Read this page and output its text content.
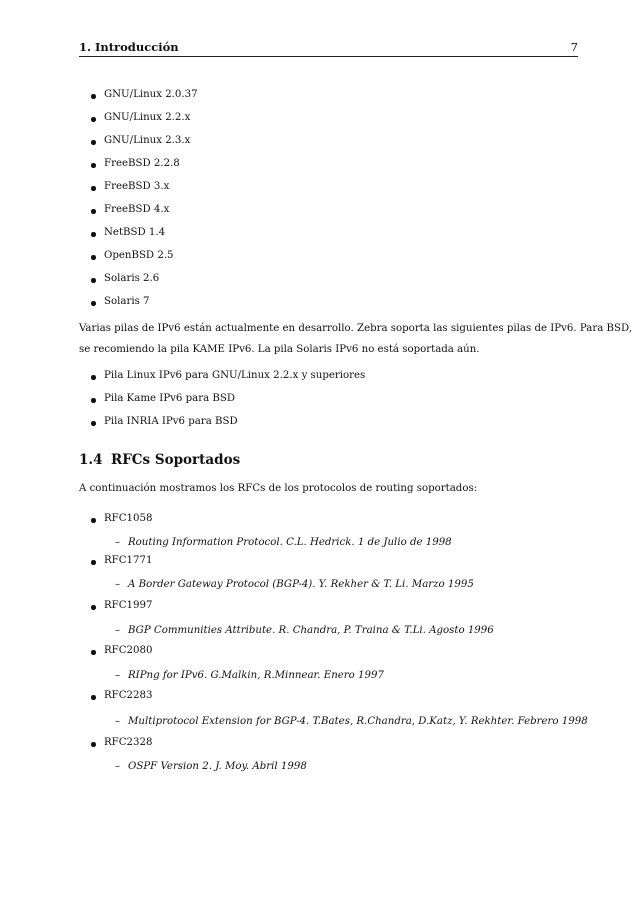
1. Introducción	7
GNU/Linux 2.0.37
GNU/Linux 2.2.x
GNU/Linux 2.3.x
FreeBSD 2.2.8
FreeBSD 3.x
FreeBSD 4.x
NetBSD 1.4
OpenBSD 2.5
Solaris 2.6
Solaris 7
Varias pilas de IPv6 están actualmente en desarrollo. Zebra soporta las siguientes pilas de IPv6. Para BSD,
se recomiendo la pila KAME IPv6. La pila Solaris IPv6 no está soportada aún.
Pila Linux IPv6 para GNU/Linux 2.2.x y superiores
Pila Kame IPv6 para BSD
Pila INRIA IPv6 para BSD
1.4 RFCs Soportados
A continuación mostramos los RFCs de los protocolos de routing soportados:
RFC1058
– Routing Information Protocol. C.L. Hedrick. 1 de Julio de 1998
RFC1771
– A Border Gateway Protocol (BGP-4). Y. Rekher & T. Li. Marzo 1995
RFC1997
– BGP Communities Attribute. R. Chandra, P. Traina & T.Li. Agosto 1996
RFC2080
– RIPng for IPv6. G.Malkin, R.Minnear. Enero 1997
RFC2283
– Multiprotocol Extension for BGP-4. T.Bates, R.Chandra, D.Katz, Y. Rekhter. Febrero 1998
RFC2328
– OSPF Version 2. J. Moy. Abril 1998
